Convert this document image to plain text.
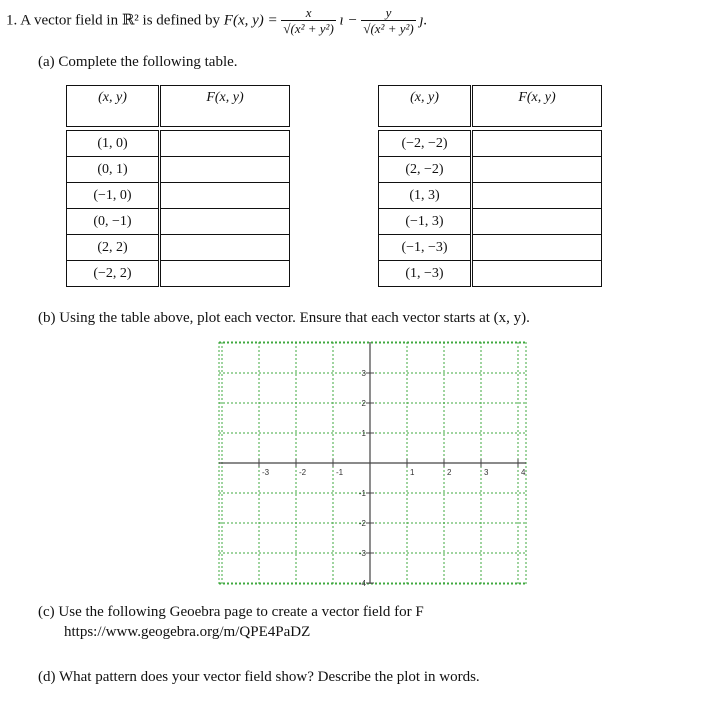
1. A vector field in ℝ² is defined by F(x, $y) = \frac{x}{\text{√(x² + y²)}}$ ı − $\frac{y}{\text{√(x² + y²)}}$ ȷ.
(a) Complete the following table.
(x, y)	F(x, y)

(1, 0)	
(0, 1)	
(−1, 0)	
(0, −1)	
(2, 2)	
(−2, 2)	
(x, y)	F(x, y)

(−2, −2)	
(2, −2)	
(1, 3)	
(−1, 3)	
(−1, −3)	
(1, −3)	
(b) Using the table above, plot each vector. Ensure that each vector starts at (x, y).
-3	-2	-1	1	2	3	4
3
2
1
-1
-2
-3
-4
(c) Use the following Geoebra page to create a vector field for F
https://www.geogebra.org/m/QPE4PaDZ
(d) What pattern does your vector field show? Describe the plot in words.
